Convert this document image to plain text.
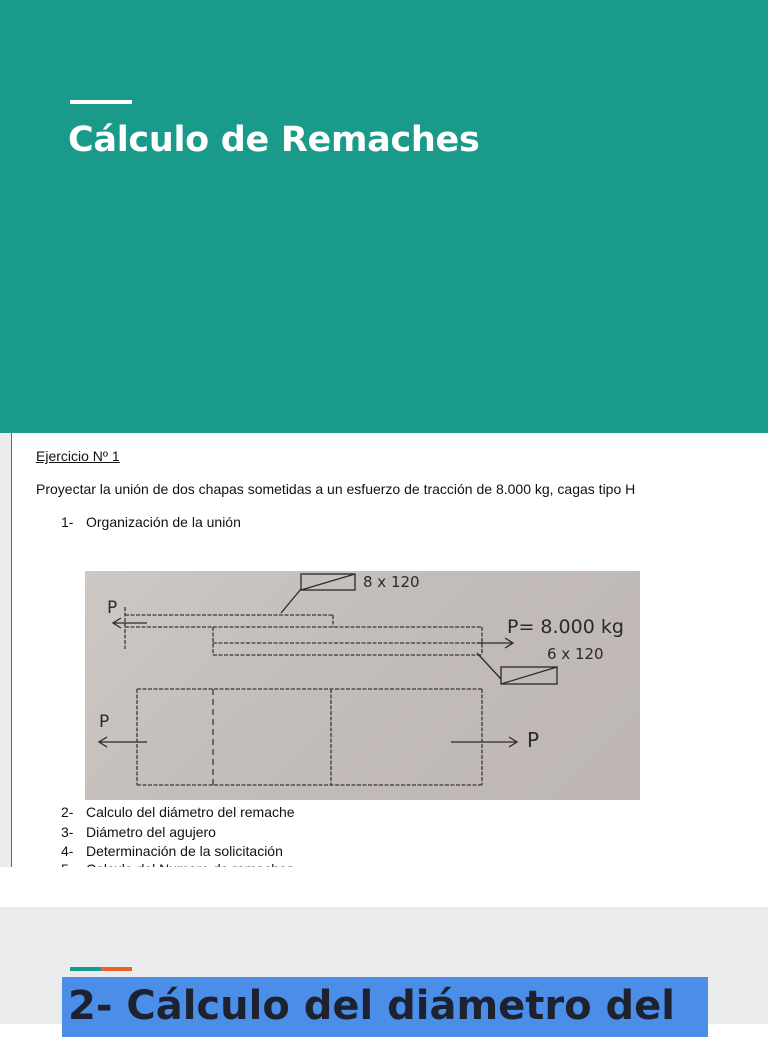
Cálculo de Remaches
Ejercicio Nº 1
Proyectar la unión de dos chapas sometidas a un esfuerzo de tracción de 8.000 kg, cagas tipo H
1- Organización de la unión
P
8 x 120
P= 8.000 kg
6 x 120
P
P
2- Calculo del diámetro del remache
3- Diámetro del agujero
4- Determinación de la solicitación
2- Cálculo del diámetro del
